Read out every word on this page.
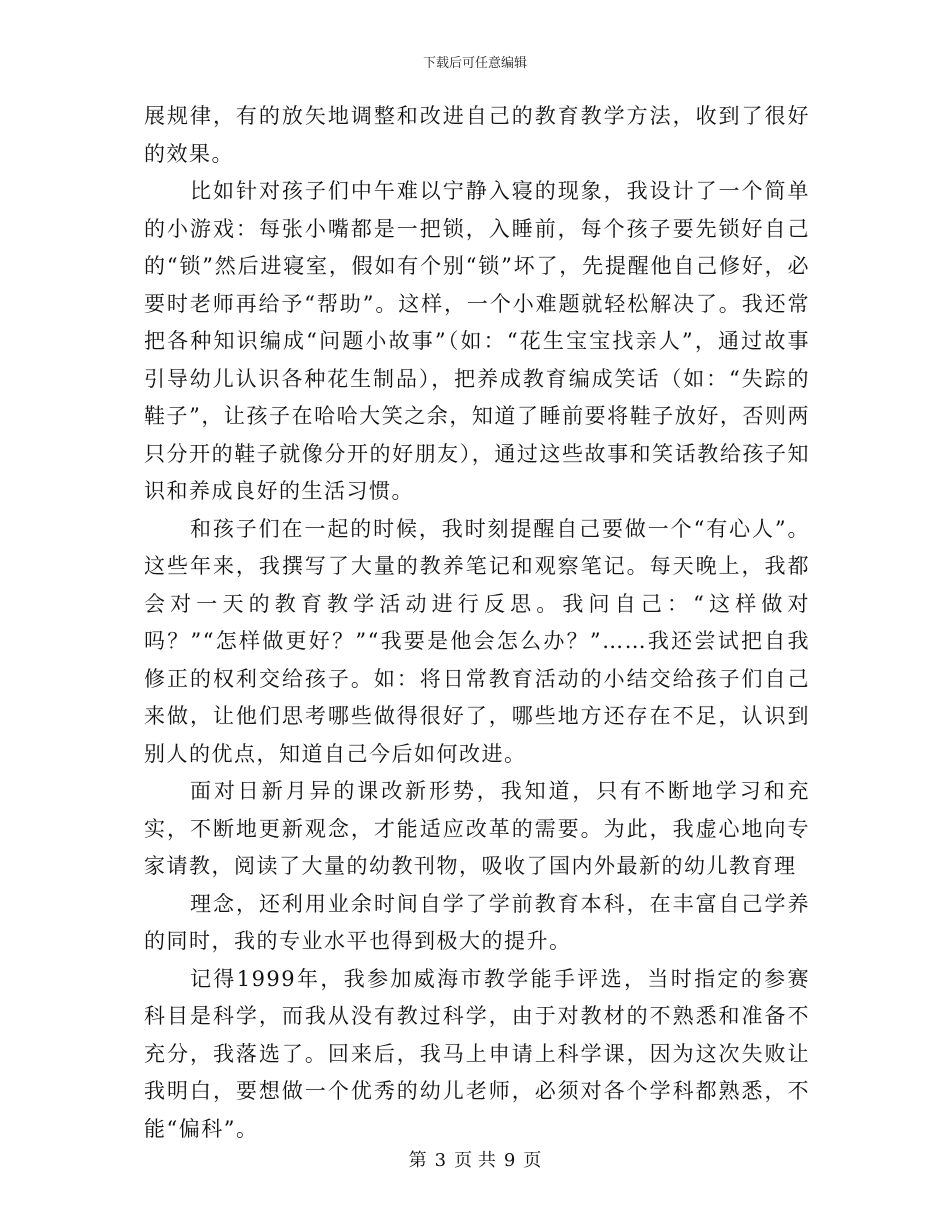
下载后可任意编辑

展规律，有的放矢地调整和改进自己的教育教学方法，收到了很好的效果。

比如针对孩子们中午难以宁静入寝的现象，我设计了一个简单的小游戏：每张小嘴都是一把锁，入睡前，每个孩子要先锁好自己的“锁”然后进寝室，假如有个别“锁”坏了，先提醒他自己修好，必要时老师再给予“帮助”。这样，一个小难题就轻松解决了。我还常把各种知识编成“问题小故事”（如：“花生宝宝找亲人”，通过故事引导幼儿认识各种花生制品），把养成教育编成笑话（如：“失踪的鞋子”，让孩子在哈哈大笑之余，知道了睡前要将鞋子放好，否则两只分开的鞋子就像分开的好朋友），通过这些故事和笑话教给孩子知识和养成良好的生活习惯。

和孩子们在一起的时候，我时刻提醒自己要做一个“有心人”。这些年来，我撰写了大量的教养笔记和观察笔记。每天晚上，我都会对一天的教育教学活动进行反思。我问自己：“这样做对吗？”“怎样做更好？”“我要是他会怎么办？”……我还尝试把自我修正的权利交给孩子。如：将日常教育活动的小结交给孩子们自己来做，让他们思考哪些做得很好了，哪些地方还存在不足，认识到别人的优点，知道自己今后如何改进。

面对日新月异的课改新形势，我知道，只有不断地学习和充实，不断地更新观念，才能适应改革的需要。为此，我虚心地向专家请教，阅读了大量的幼教刊物，吸收了国内外最新的幼儿教育理

理念，还利用业余时间自学了学前教育本科，在丰富自己学养的同时，我的专业水平也得到极大的提升。

记得1999年，我参加威海市教学能手评选，当时指定的参赛科目是科学，而我从没有教过科学，由于对教材的不熟悉和准备不充分，我落选了。回来后，我马上申请上科学课，因为这次失败让我明白，要想做一个优秀的幼儿老师，必须对各个学科都熟悉，不能“偏科”。

第 3 页 共 9 页
